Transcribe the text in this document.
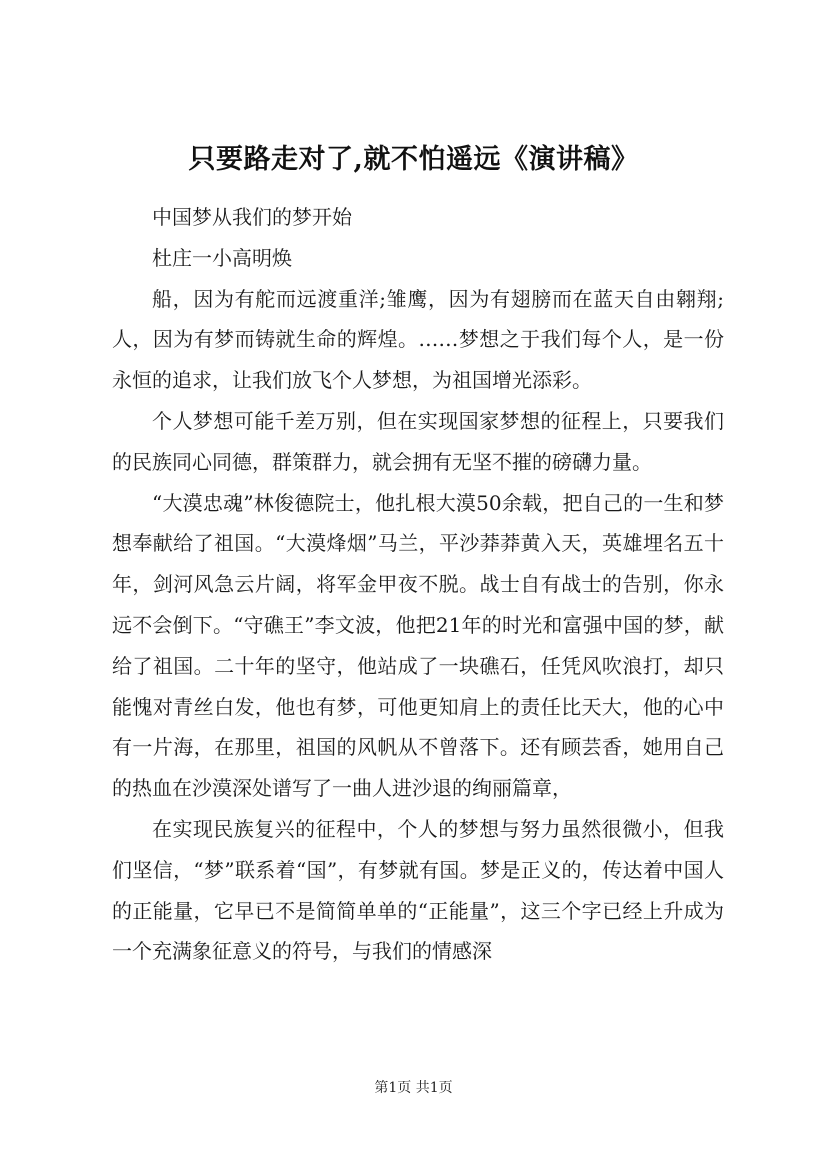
只要路走对了,就不怕遥远《演讲稿》

中国梦从我们的梦开始

杜庄一小高明焕

船，因为有舵而远渡重洋;雏鹰，因为有翅膀而在蓝天自由翱翔;人，因为有梦而铸就生命的辉煌。……梦想之于我们每个人，是一份永恒的追求，让我们放飞个人梦想，为祖国增光添彩。

个人梦想可能千差万别，但在实现国家梦想的征程上，只要我们的民族同心同德，群策群力，就会拥有无坚不摧的磅礴力量。

“大漠忠魂”林俊德院士，他扎根大漠50余载，把自己的一生和梦想奉献给了祖国。“大漠烽烟”马兰，平沙莽莽黄入天，英雄埋名五十年，剑河风急云片阔，将军金甲夜不脱。战士自有战士的告别，你永远不会倒下。“守礁王”李文波，他把21年的时光和富强中国的梦，献给了祖国。二十年的坚守，他站成了一块礁石，任凭风吹浪打，却只能愧对青丝白发，他也有梦，可他更知肩上的责任比天大，他的心中有一片海，在那里，祖国的风帆从不曾落下。还有顾芸香，她用自己的热血在沙漠深处谱写了一曲人进沙退的绚丽篇章，

在实现民族复兴的征程中，个人的梦想与努力虽然很微小，但我们坚信，“梦”联系着“国”，有梦就有国。梦是正义的，传达着中国人的正能量，它早已不是简简单单的“正能量”，这三个字已经上升成为一个充满象征意义的符号，与我们的情感深

第1页 共1页
